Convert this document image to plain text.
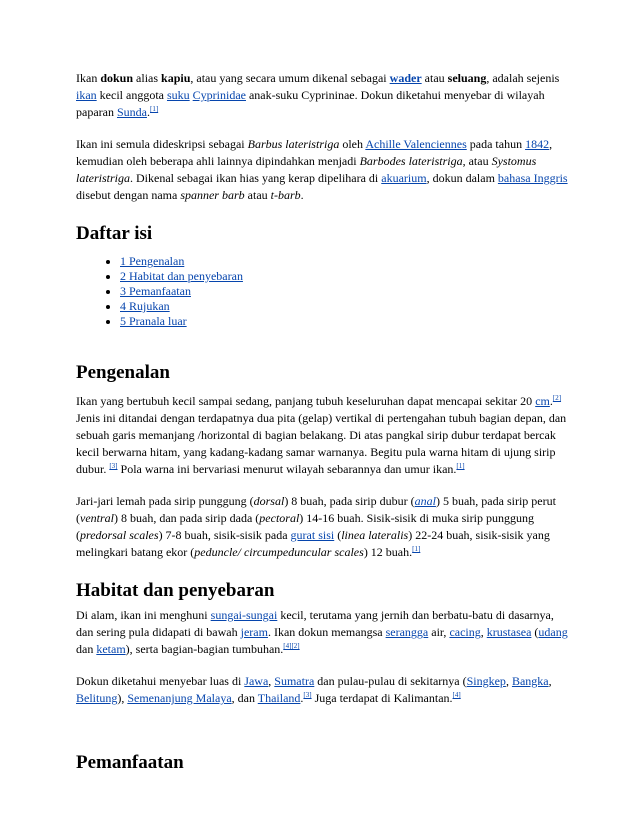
Ikan dokun alias kapiu, atau yang secara umum dikenal sebagai wader atau seluang, adalah sejenis ikan kecil anggota suku Cyprinidae anak-suku Cyprininae. Dokun diketahui menyebar di wilayah paparan Sunda.[1]

Ikan ini semula dideskripsi sebagai Barbus lateristriga oleh Achille Valenciennes pada tahun 1842, kemudian oleh beberapa ahli lainnya dipindahkan menjadi Barbodes lateristriga, atau Systomus lateristriga. Dikenal sebagai ikan hias yang kerap dipelihara di akuarium, dokun dalam bahasa Inggris disebut dengan nama spanner barb atau t-barb.

Daftar isi
• 1 Pengenalan
• 2 Habitat dan penyebaran
• 3 Pemanfaatan
• 4 Rujukan
• 5 Pranala luar
Pengenalan

Ikan yang bertubuh kecil sampai sedang, panjang tubuh keseluruhan dapat mencapai sekitar 20 cm.[2] Jenis ini ditandai dengan terdapatnya dua pita (gelap) vertikal di pertengahan tubuh bagian depan, dan sebuah garis memanjang /horizontal di bagian belakang. Di atas pangkal sirip dubur terdapat bercak kecil berwarna hitam, yang kadang-kadang samar warnanya. Begitu pula warna hitam di ujung sirip dubur. [3] Pola warna ini bervariasi menurut wilayah sebarannya dan umur ikan.[1]

Jari-jari lemah pada sirip punggung (dorsal) 8 buah, pada sirip dubur (anal) 5 buah, pada sirip perut (ventral) 8 buah, dan pada sirip dada (pectoral) 14-16 buah. Sisik-sisik di muka sirip punggung (predorsal scales) 7-8 buah, sisik-sisik pada gurat sisi (linea lateralis) 22-24 buah, sisik-sisik yang melingkari batang ekor (peduncle/ circumpeduncular scales) 12 buah.[1]

Habitat dan penyebaran

Di alam, ikan ini menghuni sungai-sungai kecil, terutama yang jernih dan berbatu-batu di dasarnya, dan sering pula didapati di bawah jeram. Ikan dokun memangsa serangga air, cacing, krustasea (udang dan ketam), serta bagian-bagian tumbuhan.[4][2]

Dokun diketahui menyebar luas di Jawa, Sumatra dan pulau-pulau di sekitarnya (Singkep, Bangka, Belitung), Semenanjung Malaya, dan Thailand.[3] Juga terdapat di Kalimantan.[4]

Pemanfaatan
